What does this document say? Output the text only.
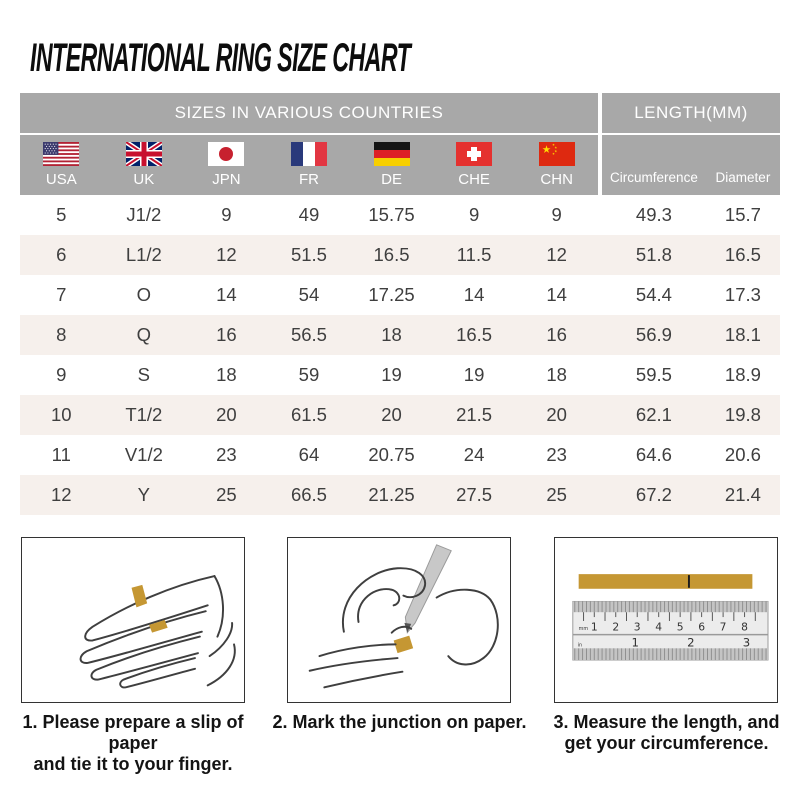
INTERNATIONAL RING SIZE CHART
SIZES IN VARIOUS COUNTRIES	LENGTH(MM)
USA	UK	JPN	FR	DE	CHE	CHN	Circumference	Diameter
5	J1/2	9	49	15.75	9	9	49.3	15.7
6	L1/2	12	51.5	16.5	11.5	12	51.8	16.5
7	O	14	54	17.25	14	14	54.4	17.3
8	Q	16	56.5	18	16.5	16	56.9	18.1
9	S	18	59	19	19	18	59.5	18.9
10	T1/2	20	61.5	20	21.5	20	62.1	19.8
11	V1/2	23	64	20.75	24	23	64.6	20.6
12	Y	25	66.5	21.25	27.5	25	67.2	21.4
1. Please prepare a slip of paper
and tie it to your finger.
2. Mark the junction on paper.
1 2 3 4 5 6 7 8
mm
1	2	3
in
3. Measure the length, and
get your circumference.
